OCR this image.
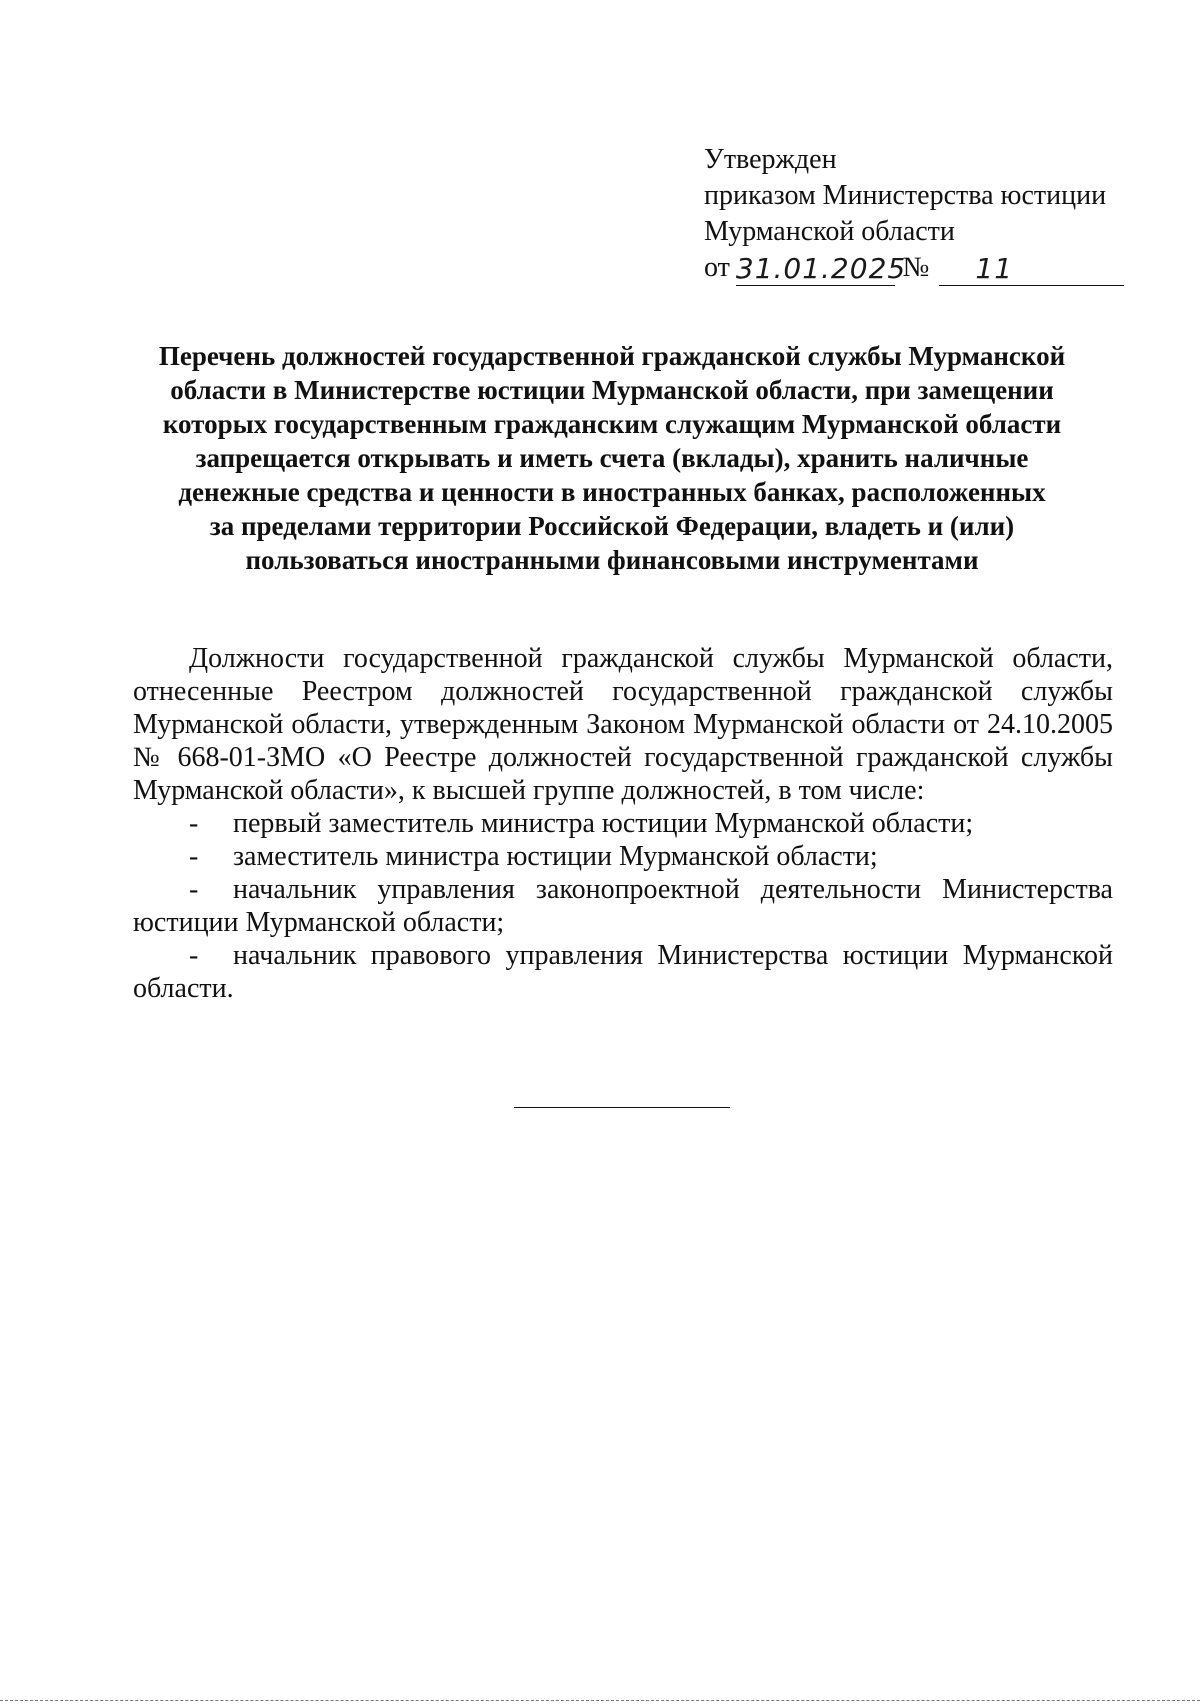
Утвержден
приказом Министерства юстиции
Мурманской области
от 31.01.2025
№	11
Перечень должностей государственной гражданской службы Мурманской
области в Министерстве юстиции Мурманской области, при замещении
которых государственным гражданским служащим Мурманской области
запрещается открывать и иметь счета (вклады), хранить наличные
денежные средства и ценности в иностранных банках, расположенных
за пределами территории Российской Федерации, владеть и (или)
пользоваться иностранными финансовыми инструментами

Должности государственной гражданской службы Мурманской области, отнесенные Реестром должностей государственной гражданской службы Мурманской области, утвержденным Законом Мурманской области от 24.10.2005 № 668-01-ЗМО «О Реестре должностей государственной гражданской службы Мурманской области», к высшей группе должностей, в том числе:

- первый заместитель министра юстиции Мурманской области;
- заместитель министра юстиции Мурманской области;
- начальник управления законопроектной деятельности Министерства юстиции Мурманской области;
- начальник правового управления Министерства юстиции Мурманской области.
